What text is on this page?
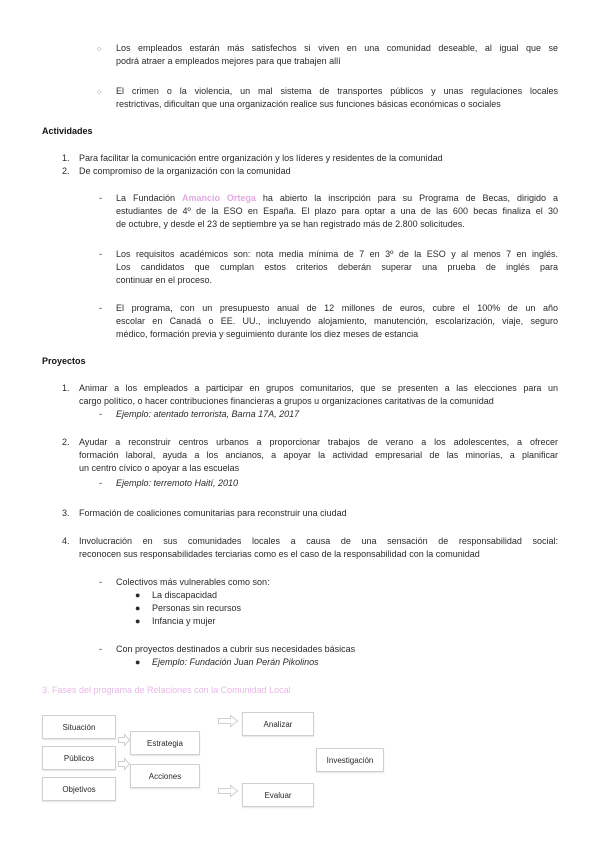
○ Los empleados estarán más satisfechos si viven en una comunidad deseable, al igual que se
podrá atraer a empleados mejores para que trabajen allí
○ El crimen o la violencia, un mal sistema de transportes públicos y unas regulaciones locales
restrictivas, dificultan que una organización realice sus funciones básicas económicas o sociales
Actividades
1. Para facilitar la comunicación entre organización y los líderes y residentes de la comunidad
2. De compromiso de la organización con la comunidad
- La Fundación Amancio Ortega ha abierto la inscripción para su Programa de Becas, dirigido a
estudiantes de 4º de la ESO en España. El plazo para optar a una de las 600 becas finaliza el 30
de octubre, y desde el 23 de septiembre ya se han registrado más de 2.800 solicitudes.
- Los requisitos académicos son: nota media mínima de 7 en 3º de la ESO y al menos 7 en inglés.
Los candidatos que cumplan estos criterios deberán superar una prueba de inglés para
continuar en el proceso.
- El programa, con un presupuesto anual de 12 millones de euros, cubre el 100% de un año
escolar en Canadá o EE. UU., incluyendo alojamiento, manutención, escolarización, viaje, seguro
médico, formación previa y seguimiento durante los diez meses de estancia
Proyectos
1. Animar a los empleados a participar en grupos comunitarios, que se presenten a las elecciones para un
cargo político, o hacer contribuciones financieras a grupos u organizaciones caritativas de la comunidad
- Ejemplo: atentado terrorista, Barna 17A, 2017
2. Ayudar a reconstruir centros urbanos a proporcionar trabajos de verano a los adolescentes, a ofrecer
formación laboral, ayuda a los ancianos, a apoyar la actividad empresarial de las minorías, a planificar
un centro cívico o apoyar a las escuelas
- Ejemplo: terremoto Haití, 2010
3. Formación de coaliciones comunitarias para reconstruir una ciudad
4. Involucración en sus comunidades locales a causa de una sensación de responsabilidad social:
reconocen sus responsabilidades terciarias como es el caso de la responsabilidad con la comunidad
- Colectivos más vulnerables como son:
● La discapacidad
● Personas sin recursos
● Infancia y mujer
- Con proyectos destinados a cubrir sus necesidades básicas
● Ejemplo: Fundación Juan Perán Pikolinos
3. Fases del programa de Relaciones con la Comunidad Local
Situación
Públicos
Objetivos
Estrategia
Acciones
Analizar
Investigación
Evaluar
